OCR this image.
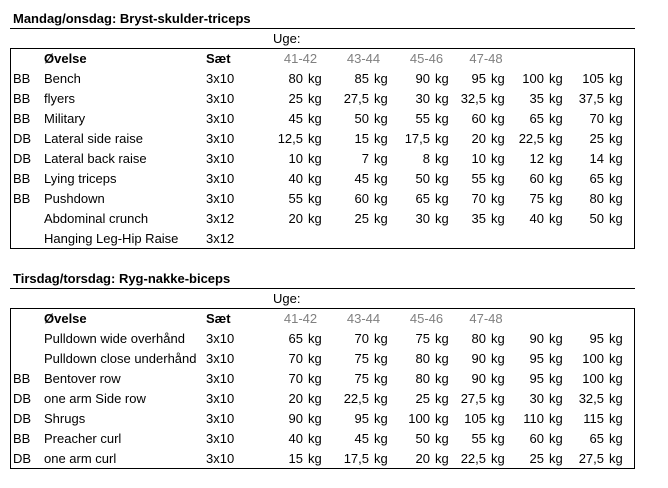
Mandag/onsdag: Bryst-skulder-triceps														
			Uge:											
	Øvelse	Sæt	41-42		43-44		45-46		47-48					
BB	Bench	3x10	80	kg	85	kg	90	kg	95	kg	100	kg	105	kg
BB	flyers	3x10	25	kg	27,5	kg	30	kg	32,5	kg	35	kg	37,5	kg
BB	Military	3x10	45	kg	50	kg	55	kg	60	kg	65	kg	70	kg
DB	Lateral side raise	3x10	12,5	kg	15	kg	17,5	kg	20	kg	22,5	kg	25	kg
DB	Lateral back raise	3x10	10	kg	7	kg	8	kg	10	kg	12	kg	14	kg
BB	Lying triceps	3x10	40	kg	45	kg	50	kg	55	kg	60	kg	65	kg
BB	Pushdown	3x10	55	kg	60	kg	65	kg	70	kg	75	kg	80	kg
	Abdominal crunch	3x12	20	kg	25	kg	30	kg	35	kg	40	kg	50	kg
	Hanging Leg-Hip Raise	3x12												
Tirsdag/torsdag: Ryg-nakke-biceps														
			Uge:											
	Øvelse	Sæt	41-42		43-44		45-46		47-48					
	Pulldown wide overhånd	3x10	65	kg	70	kg	75	kg	80	kg	90	kg	95	kg
	Pulldown close underhånd	3x10	70	kg	75	kg	80	kg	90	kg	95	kg	100	kg
BB	Bentover row	3x10	70	kg	75	kg	80	kg	90	kg	95	kg	100	kg
DB	one arm Side row	3x10	20	kg	22,5	kg	25	kg	27,5	kg	30	kg	32,5	kg
DB	Shrugs	3x10	90	kg	95	kg	100	kg	105	kg	110	kg	115	kg
BB	Preacher curl	3x10	40	kg	45	kg	50	kg	55	kg	60	kg	65	kg
DB	one arm curl	3x10	15	kg	17,5	kg	20	kg	22,5	kg	25	kg	27,5	kg
